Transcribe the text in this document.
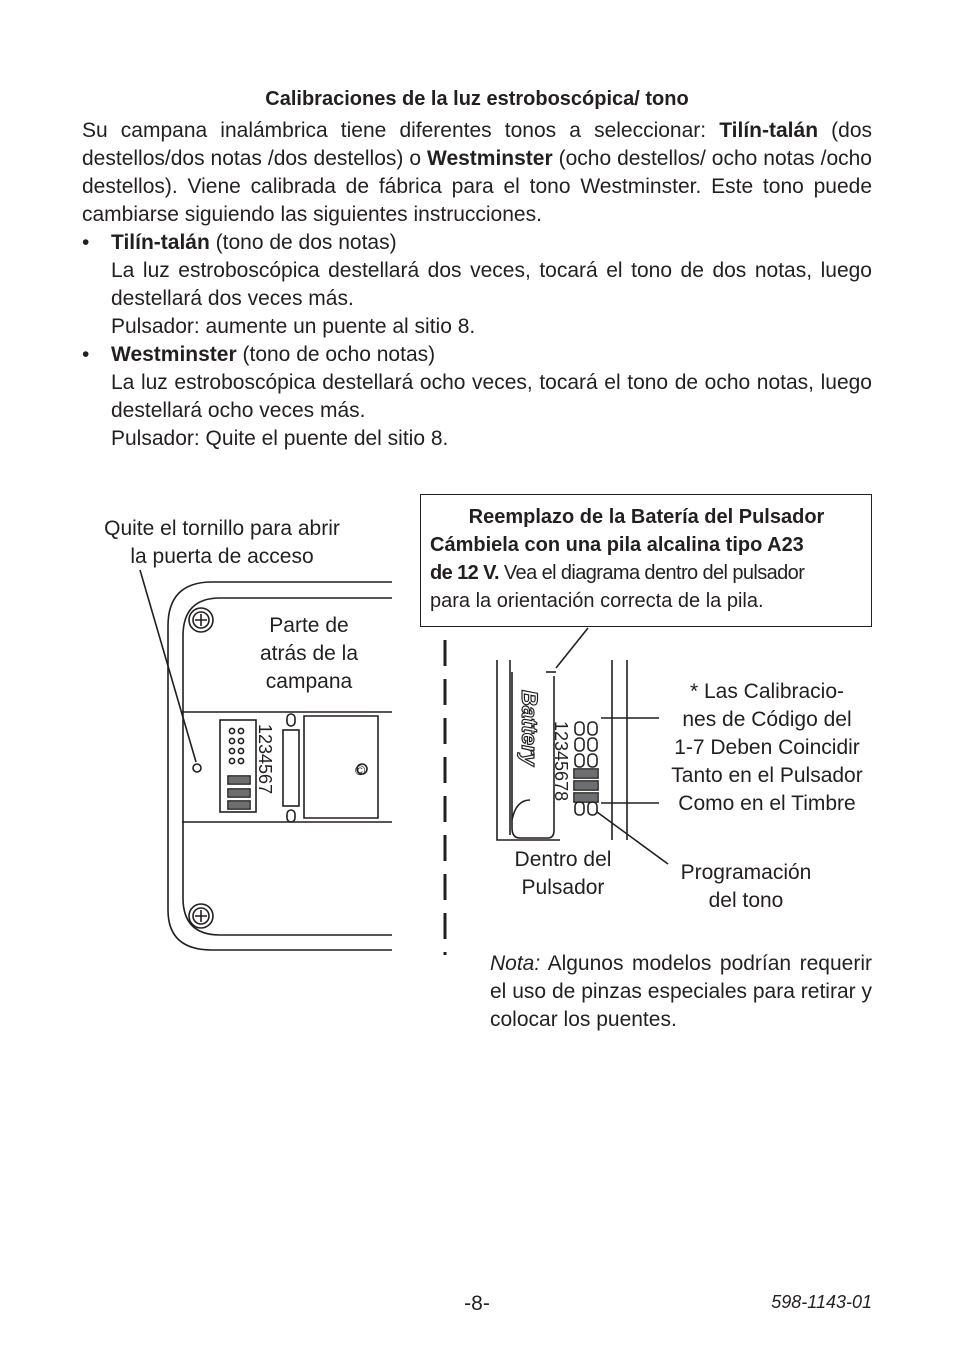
Calibraciones de la luz estroboscópica/ tono

Su campana inalámbrica tiene diferentes tonos a seleccionar: Tilín-talán (dos destellos/dos notas /dos destellos) o Westminster (ocho destellos/ ocho notas /ocho destellos). Viene calibrada de fábrica para el tono Westminster. Este tono puede cambiarse siguiendo las siguientes instrucciones.

• Tilín-talán (tono de dos notas)
La luz estroboscópica destellará dos veces, tocará el tono de dos notas, luego destellará dos veces más.
Pulsador: aumente un puente al sitio 8.
• Westminster (tono de ocho notas)
La luz estroboscópica destellará ocho veces, tocará el tono de ocho notas, luego destellará ocho veces más.
Pulsador: Quite el puente del sitio 8.
1234567	©
Battery 12345678
Quite el tornillo para abrir
la puerta de acceso
Parte de
atrás de la
campana
Reemplazo de la Batería del Pulsador
Cámbiela con una pila alcalina tipo A23
de 12 V. Vea el diagrama dentro del pulsador
para la orientación correcta de la pila.
* Las Calibracio-
nes de Código del
1-7 Deben Coincidir
Tanto en el Pulsador
Como en el Timbre
Dentro del
Pulsador
Programación
del tono
Nota: Algunos modelos podrían requerir el uso de pinzas especiales para retirar y colocar los puentes.
-8-	598-1143-01
